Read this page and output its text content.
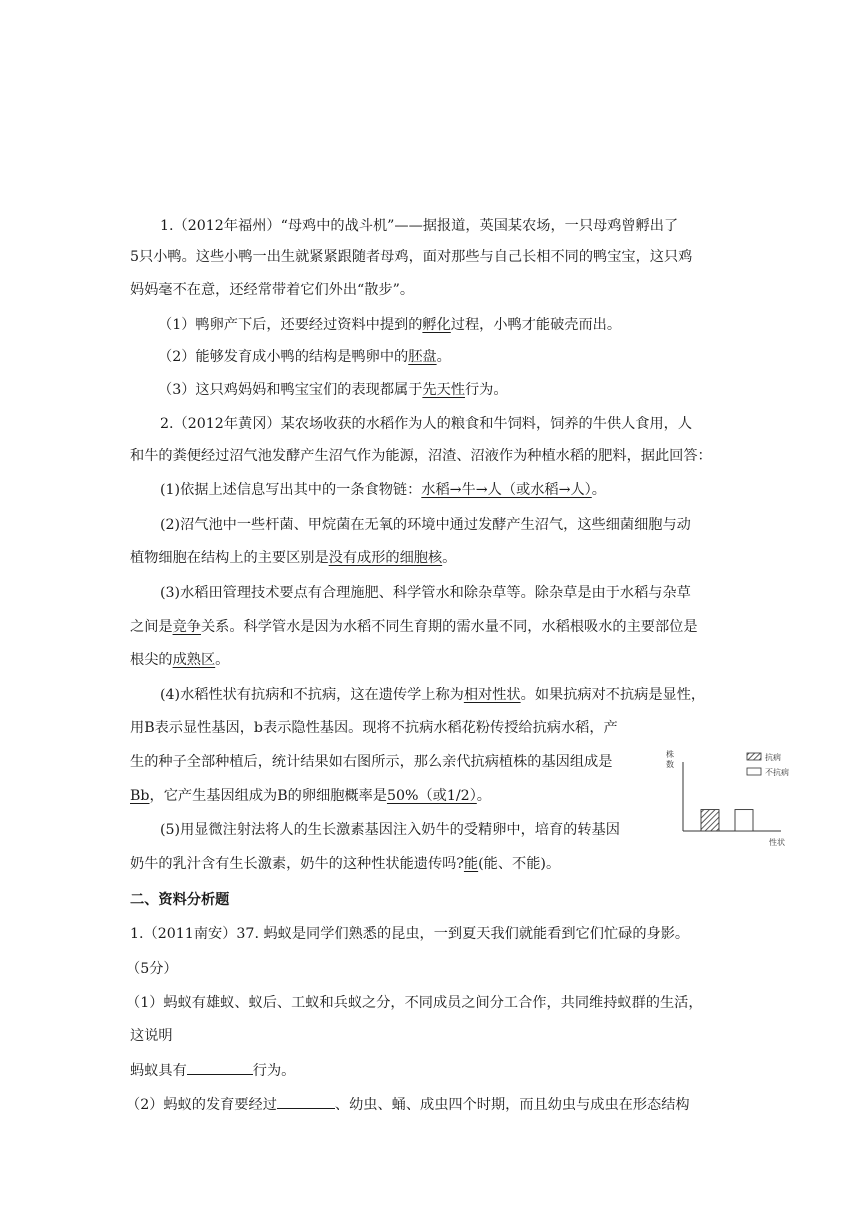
1.（2012年福州）“母鸡中的战斗机”——据报道，英国某农场，一只母鸡曾孵出了
5只小鸭。这些小鸭一出生就紧紧跟随者母鸡，面对那些与自己长相不同的鸭宝宝，这只鸡
妈妈毫不在意，还经常带着它们外出“散步”。
（1）鸭卵产下后，还要经过资料中提到的孵化过程，小鸭才能破壳而出。
（2）能够发育成小鸭的结构是鸭卵中的胚盘。
（3）这只鸡妈妈和鸭宝宝们的表现都属于先天性行为。
2.（2012年黄冈）某农场收获的水稻作为人的粮食和牛饲料，饲养的牛供人食用，人
和牛的粪便经过沼气池发酵产生沼气作为能源，沼渣、沼液作为种植水稻的肥料，据此回答：
(1)依据上述信息写出其中的一条食物链：水稻→牛→人（或水稻→人）。
(2)沼气池中一些杆菌、甲烷菌在无氧的环境中通过发酵产生沼气，这些细菌细胞与动
植物细胞在结构上的主要区别是没有成形的细胞核。
(3)水稻田管理技术要点有合理施肥、科学管水和除杂草等。除杂草是由于水稻与杂草
之间是竞争关系。科学管水是因为水稻不同生育期的需水量不同，水稻根吸水的主要部位是
根尖的成熟区。
(4)水稻性状有抗病和不抗病，这在遗传学上称为相对性状。如果抗病对不抗病是显性，
用B表示显性基因，b表示隐性基因。现将不抗病水稻花粉传授给抗病水稻，产
生的种子全部种植后，统计结果如右图所示，那么亲代抗病植株的基因组成是
Bb，它产生基因组成为B的卵细胞概率是50%（或1/2）。
(5)用显微注射法将人的生长激素基因注入奶牛的受精卵中，培育的转基因
奶牛的乳汁含有生长激素，奶牛的这种性状能遗传吗?能(能、不能)。
二、资料分析题
1.（2011南安）37. 蚂蚁是同学们熟悉的昆虫，一到夏天我们就能看到它们忙碌的身影。
（5分）
（1）蚂蚁有雄蚁、蚁后、工蚁和兵蚁之分，不同成员之间分工合作，共同维持蚁群的生活，
这说明
蚂蚁具有	行为。
（2）蚂蚁的发育要经过	、幼虫、蛹、成虫四个时期，而且幼虫与成虫在形态结构
株
数
性状
抗病
不抗病
